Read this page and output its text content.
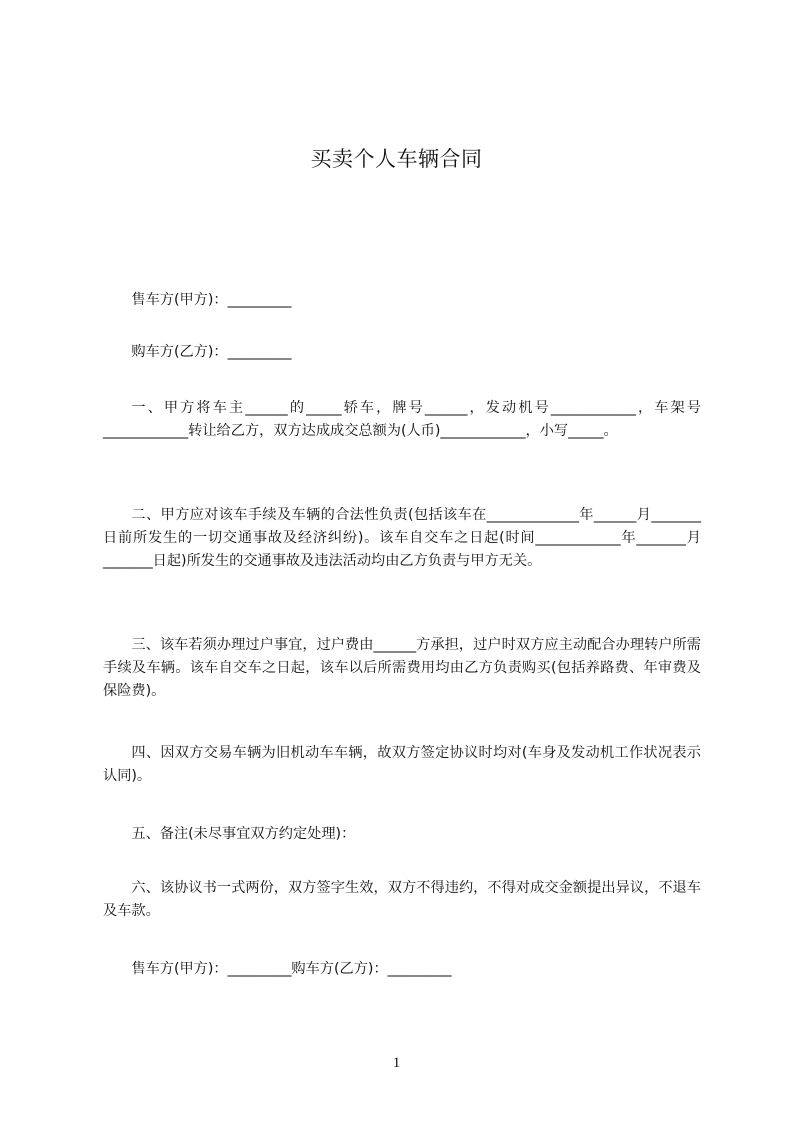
买卖个人车辆合同
售车方(甲方)：_________
购车方(乙方)：_________

一、甲方将车主______的_____轿车，牌号______，发动机号____________，车架号____________转让给乙方，双方达成成交总额为(人币)____________，小写_____。

二、甲方应对该车手续及车辆的合法性负责(包括该车在_____________年______月_______日前所发生的一切交通事故及经济纠纷)。该车自交车之日起(时间____________年_______月_______日起)所发生的交通事故及违法活动均由乙方负责与甲方无关。

三、该车若须办理过户事宜，过户费由______方承担，过户时双方应主动配合办理转户所需手续及车辆。该车自交车之日起，该车以后所需费用均由乙方负责购买(包括养路费、年审费及保险费)。

四、因双方交易车辆为旧机动车车辆，故双方签定协议时均对(车身及发动机工作状况表示认同)。

五、备注(未尽事宜双方约定处理)：

六、该协议书一式两份，双方签字生效，双方不得违约，不得对成交金额提出异议，不退车及车款。

售车方(甲方)：_________购车方(乙方)：_________
1
